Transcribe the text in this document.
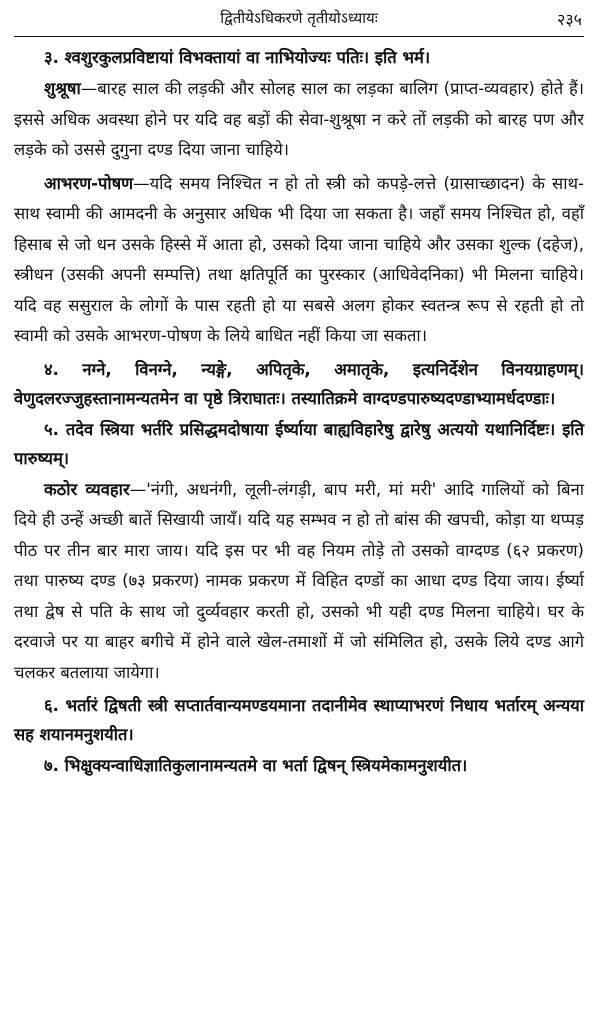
द्वितीयेऽधिकरणे तृतीयोऽध्यायः	२३५

३. श्वशुरकुलप्रविष्टायां विभक्तायां वा नाभियोज्यः पतिः। इति भर्म।

शुश्रूषा—बारह साल की लड़की और सोलह साल का लड़का बालिग (प्राप्त-व्यवहार) होते हैं। इससे अधिक अवस्था होने पर यदि वह बड़ों की सेवा-शुश्रूषा न करे तों लड़की को बारह पण और लड़के को उससे दुगुना दण्ड दिया जाना चाहिये।

आभरण-पोषण—यदि समय निश्चित न हो तो स्त्री को कपड़े-लत्ते (ग्रासाच्छादन) के साथ-साथ स्वामी की आमदनी के अनुसार अधिक भी दिया जा सकता है। जहाँ समय निश्चित हो, वहाँ हिसाब से जो धन उसके हिस्से में आता हो, उसको दिया जाना चाहिये और उसका शुल्क (दहेज), स्त्रीधन (उसकी अपनी सम्पत्ति) तथा क्षतिपूर्ति का पुरस्कार (आधिवेदनिका) भी मिलना चाहिये। यदि वह ससुराल के लोगों के पास रहती हो या सबसे अलग होकर स्वतन्त्र रूप से रहती हो तो स्वामी को उसके आभरण-पोषण के लिये बाधित नहीं किया जा सकता।

४. नग्ने, विनग्ने, न्यङ्गे, अपितृके, अमातृके, इत्यनिर्देशेन विनयग्राहणम्। वेणुदलरज्जुहस्तानामन्यतमेन वा पृष्ठे त्रिराघातः। तस्यातिक्रमे वाग्दण्डपारुष्यदण्डाभ्यामर्धदण्डाः।

५. तदेव स्त्रिया भर्तरि प्रसिद्धमदोषाया ईर्ष्याया बाह्यविहारेषु द्वारेषु अत्ययो यथानिर्दिष्टः। इति पारुष्यम्।

कठोर व्यवहार—'नंगी, अधनंगी, लूली-लंगड़ी, बाप मरी, मां मरी' आदि गालियों को बिना दिये ही उन्हें अच्छी बातें सिखायी जायँ। यदि यह सम्भव न हो तो बांस की खपची, कोड़ा या थप्पड़ पीठ पर तीन बार मारा जाय। यदि इस पर भी वह नियम तोड़े तो उसको वाग्दण्ड (६२ प्रकरण) तथा पारुष्य दण्ड (७३ प्रकरण) नामक प्रकरण में विहित दण्डों का आधा दण्ड दिया जाय। ईर्ष्या तथा द्वेष से पति के साथ जो दुर्व्यवहार करती हो, उसको भी यही दण्ड मिलना चाहिये। घर के दरवाजे पर या बाहर बगीचे में होने वाले खेल-तमाशों में जो संमिलित हो, उसके लिये दण्ड आगे चलकर बतलाया जायेगा।

६. भर्तारं द्विषती स्त्री सप्तार्तवान्यमण्डयमाना तदानीमेव स्थाप्याभरणं निधाय भर्तारम् अन्यया सह शयानमनुशयीत।

७. भिक्षुक्यन्वाधिज्ञातिकुलानामन्यतमे वा भर्ता द्विषन् स्त्रियमेकामनुशयीत।
